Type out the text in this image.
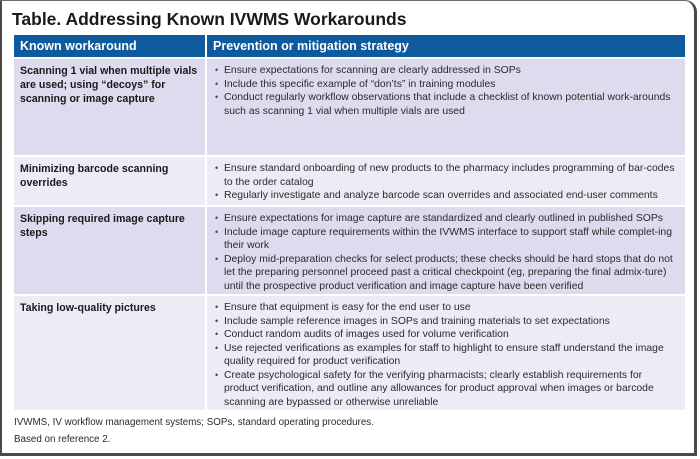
Table. Addressing Known IVWMS Workarounds
Known workaround	Prevention or mitigation strategy
Scanning 1 vial when multiple vials are used; using “decoys” for scanning or image capture
• Ensure expectations for scanning are clearly addressed in SOPs
• Include this specific example of “don’ts” in training modules
• Conduct regularly workflow observations that include a checklist of known potential work-arounds such as scanning 1 vial when multiple vials are used
Minimizing barcode scanning overrides
• Ensure standard onboarding of new products to the pharmacy includes programming of bar-codes to the order catalog
• Regularly investigate and analyze barcode scan overrides and associated end-user comments
Skipping required image capture steps
• Ensure expectations for image capture are standardized and clearly outlined in published SOPs
• Include image capture requirements within the IVWMS interface to support staff while complet-ing their work
• Deploy mid-preparation checks for select products; these checks should be hard stops that do not let the preparing personnel proceed past a critical checkpoint (eg, preparing the final admix-ture) until the prospective product verification and image capture have been verified
Taking low-quality pictures	• Ensure that equipment is easy for the end user to use
• Include sample reference images in SOPs and training materials to set expectations
• Conduct random audits of images used for volume verification
• Use rejected verifications as examples for staff to highlight to ensure staff understand the image quality required for product verification
• Create psychological safety for the verifying pharmacists; clearly establish requirements for product verification, and outline any allowances for product approval when images or barcode scanning are bypassed or otherwise unreliable
IVWMS, IV workflow management systems; SOPs, standard operating procedures.
Based on reference 2.
